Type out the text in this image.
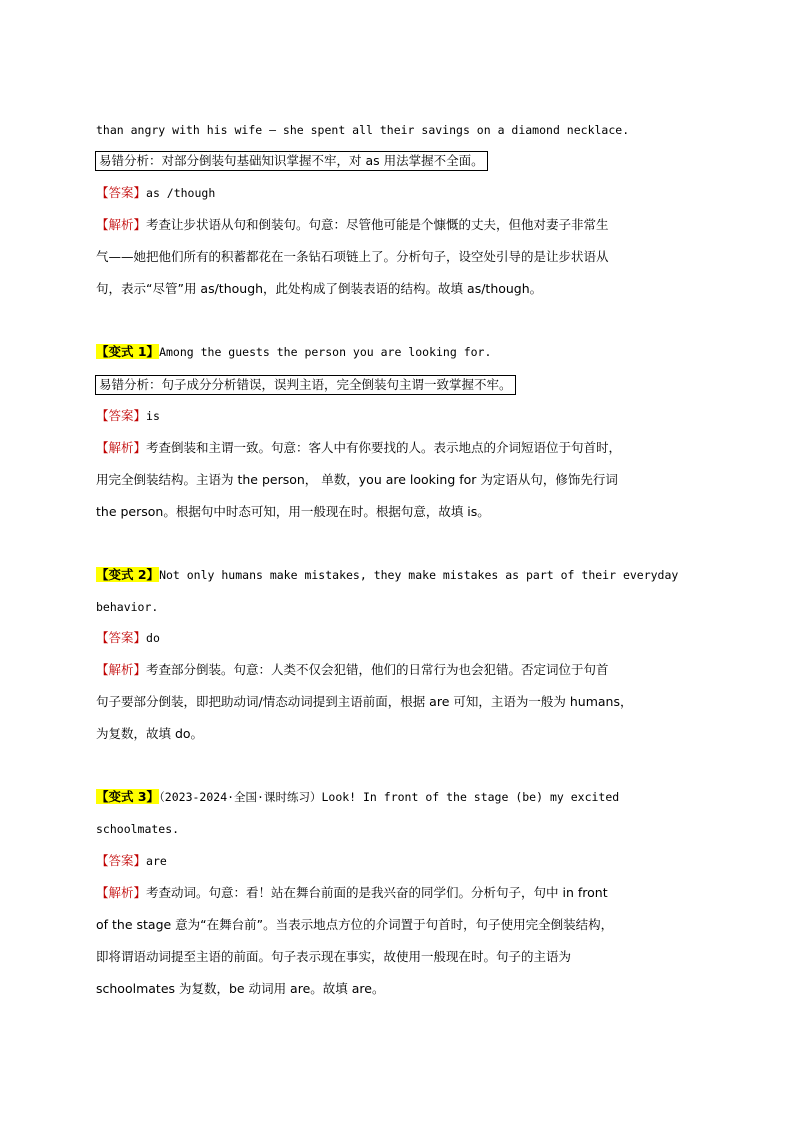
than angry with his wife — she spent all their savings on a diamond necklace.
易错分析：对部分倒装句基础知识掌握不牢，对 as 用法掌握不全面。
【答案】as /though
【解析】考查让步状语从句和倒装句。句意：尽管他可能是个慷慨的丈夫，但他对妻子非常生
气——她把他们所有的积蓄都花在一条钻石项链上了。分析句子，设空处引导的是让步状语从
句，表示“尽管”用 as/though，此处构成了倒装表语的结构。故填 as/though。
【变式 1】Among the guests the person you are looking for.
易错分析：句子成分分析错误，误判主语，完全倒装句主谓一致掌握不牢。
【答案】is
【解析】考查倒装和主谓一致。句意：客人中有你要找的人。表示地点的介词短语位于句首时，
用完全倒装结构。主语为 the person， 单数，you are looking for 为定语从句，修饰先行词
the person。根据句中时态可知，用一般现在时。根据句意，故填 is。
【变式 2】Not only humans make mistakes, they make mistakes as part of their everyday
behavior.
【答案】do
【解析】考查部分倒装。句意：人类不仅会犯错，他们的日常行为也会犯错。否定词位于句首
句子要部分倒装，即把助动词/情态动词提到主语前面，根据 are 可知，主语为一般为 humans，
为复数，故填 do。
【变式 3】（2023-2024·全国·课时练习）Look! In front of the stage (be) my excited
schoolmates.
【答案】are
【解析】考查动词。句意：看！站在舞台前面的是我兴奋的同学们。分析句子，句中 in front
of the stage 意为“在舞台前”。当表示地点方位的介词置于句首时，句子使用完全倒装结构，
即将谓语动词提至主语的前面。句子表示现在事实，故使用一般现在时。句子的主语为
schoolmates 为复数，be 动词用 are。故填 are。
